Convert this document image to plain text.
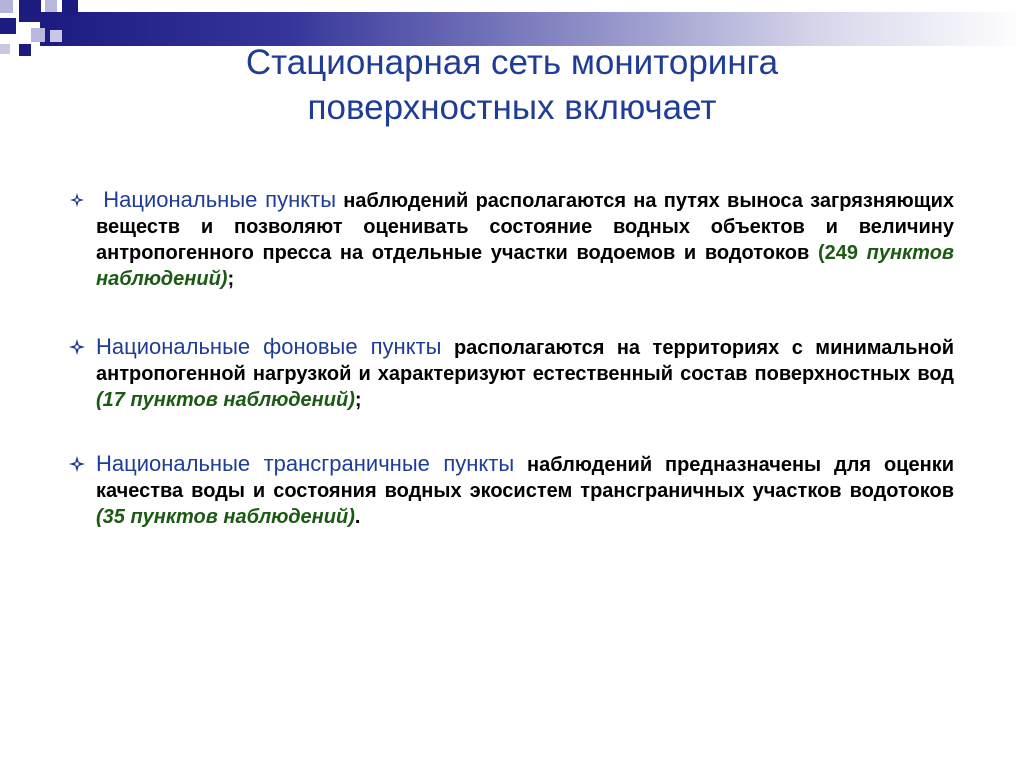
Стационарная сеть мониторинга
поверхностных включает
Национальные пункты наблюдений располагаются на путях выноса загрязняющих веществ и позволяют оценивать состояние водных объектов и величину антропогенного пресса на отдельные участки водоемов и водотоков (249 пунктов наблюдений);
Национальные фоновые пункты располагаются на территориях с минимальной антропогенной нагрузкой и характеризуют естественный состав поверхностных вод (17 пунктов наблюдений);
Национальные трансграничные пункты наблюдений предназначены для оценки качества воды и состояния водных экосистем трансграничных участков водотоков (35 пунктов наблюдений).
